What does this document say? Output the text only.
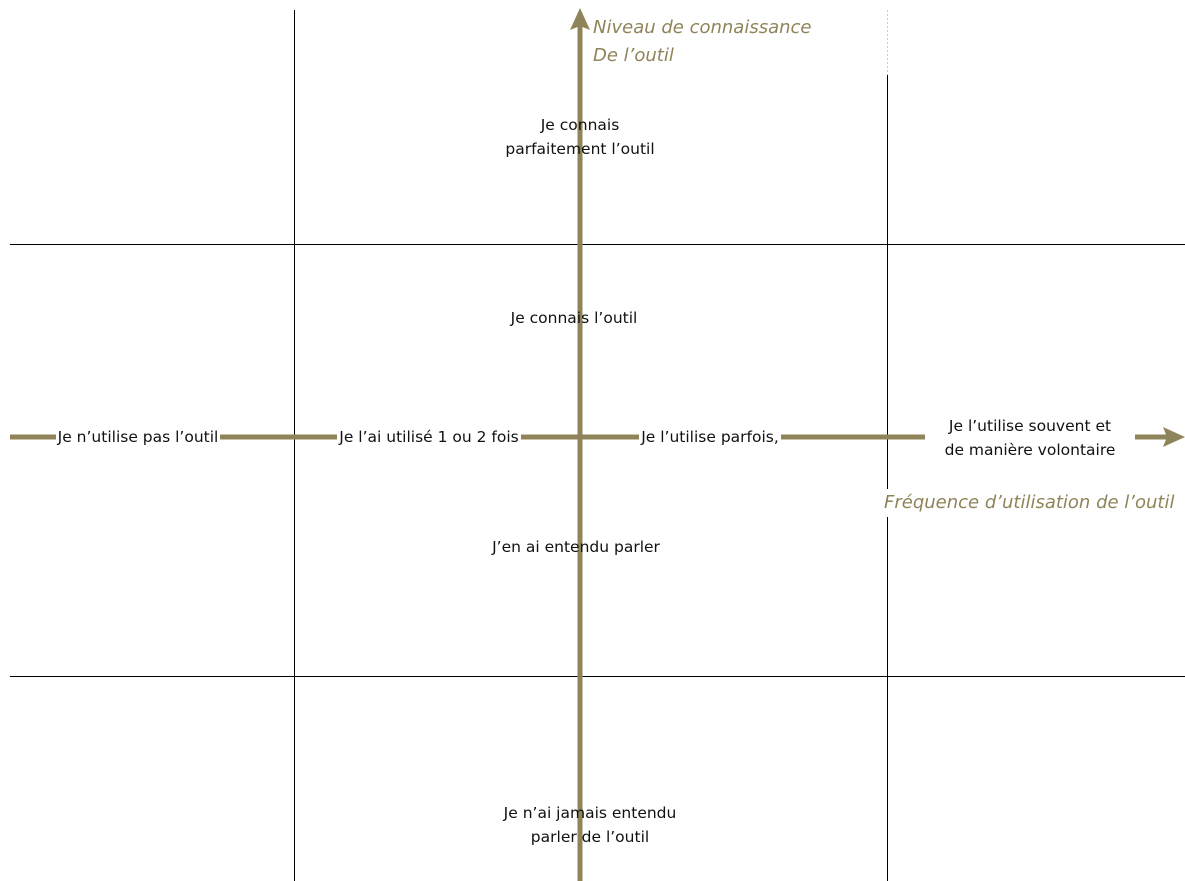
Niveau de connaissance
De l’outil
Fréquence d’utilisation de l’outil
Je connais
parfaitement l’outil
Je connais l’outil
J’en ai entendu parler
Je n’ai jamais entendu
parler de l’outil
Je n’utilise pas l’outil	Je l’ai utilisé 1 ou 2 fois	Je l’utilise parfois,
Je l’utilise souvent et
de manière volontaire
